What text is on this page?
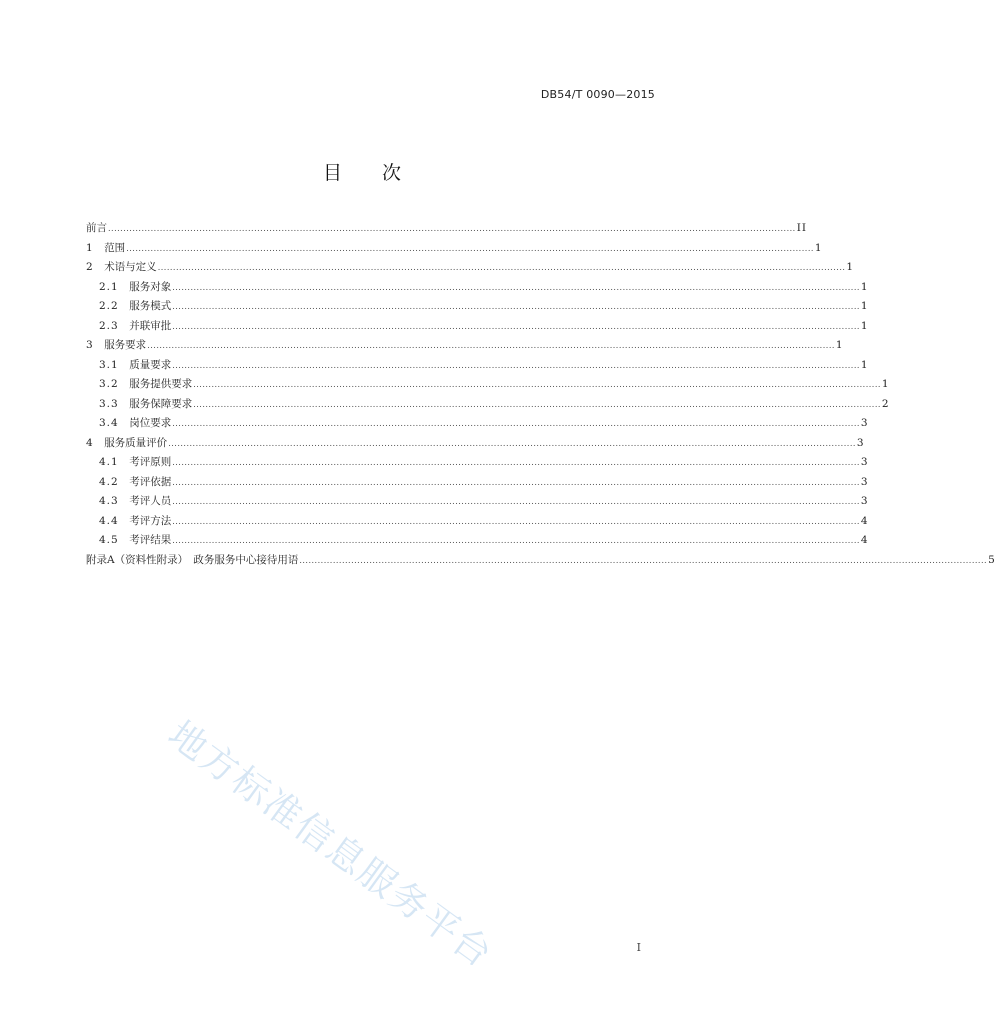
DB54/T 0090—2015
目 次
前言 .................................................................................................................................................................................................................................. II
1
　 范围 .................................................................................................................................................................................................................................. 1
2
　 术语与定义 .................................................................................................................................................................................................................................. 1
2.1
　 服务对象 .................................................................................................................................................................................................................................. 1
2.2
　 服务模式 .................................................................................................................................................................................................................................. 1
2.3
　 并联审批 .................................................................................................................................................................................................................................. 1
3
　 服务要求 .................................................................................................................................................................................................................................. 1
3.1
　 质量要求 .................................................................................................................................................................................................................................. 1
3.2
　 服务提供要求 .................................................................................................................................................................................................................................. 1
3.3
　 服务保障要求 .................................................................................................................................................................................................................................. 2
3.4
　 岗位要求 .................................................................................................................................................................................................................................. 3
4
　 服务质量评价 .................................................................................................................................................................................................................................. 3
4.1
　 考评原则 .................................................................................................................................................................................................................................. 3
4.2
　 考评依据 .................................................................................................................................................................................................................................. 3
4.3
　 考评人员 .................................................................................................................................................................................................................................. 3
4.4
　 考评方法 .................................................................................................................................................................................................................................. 4
4.5
　 考评结果 .................................................................................................................................................................................................................................. 4
附录A（资料性附录）　政务服务中心接待用语 .................................................................................................................................................................................................................................. 5
地方标准信息服务平台	I
